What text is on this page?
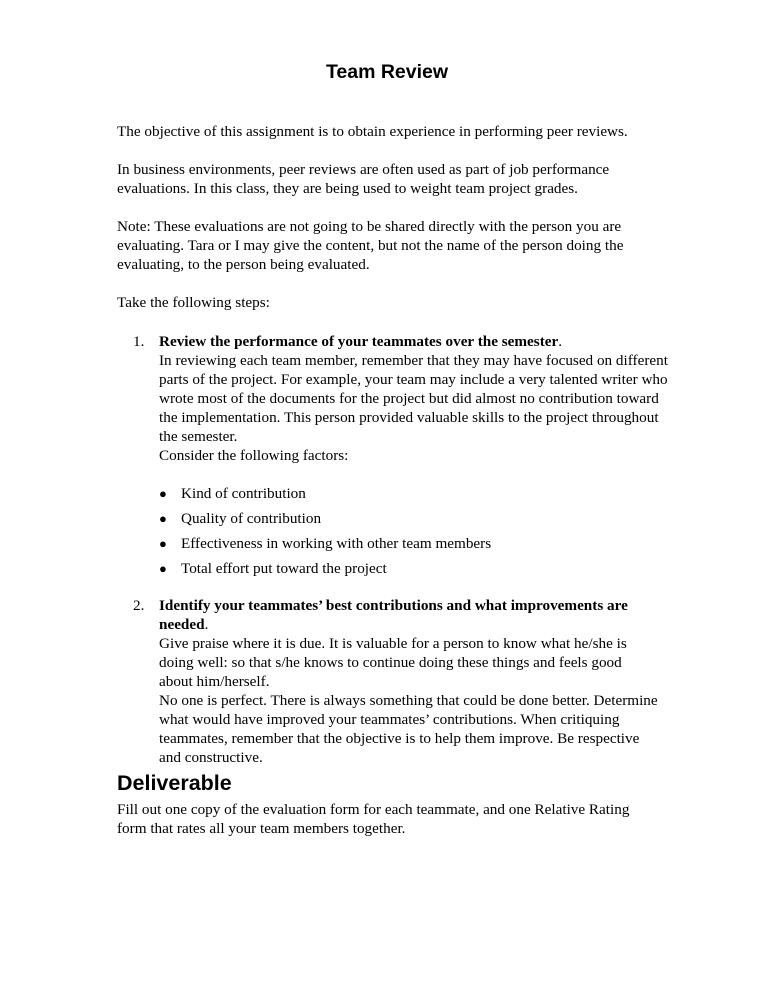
Team Review

The objective of this assignment is to obtain experience in performing peer reviews.

In business environments, peer reviews are often used as part of job performance evaluations. In this class, they are being used to weight team project grades.

Note: These evaluations are not going to be shared directly with the person you are evaluating. Tara or I may give the content, but not the name of the person doing the evaluating, to the person being evaluated.

Take the following steps:

1. Review the performance of your teammates over the semester.

In reviewing each team member, remember that they may have focused on different parts of the project. For example, your team may include a very talented writer who wrote most of the documents for the project but did almost no contribution toward the implementation. This person provided valuable skills to the project throughout the semester.

Consider the following factors:

● Kind of contribution
● Quality of contribution
● Effectiveness in working with other team members
● Total effort put toward the project
2. Identify your teammates’ best contributions and what improvements are needed.

Give praise where it is due. It is valuable for a person to know what he/she is doing well: so that s/he knows to continue doing these things and feels good about him/herself.

No one is perfect. There is always something that could be done better. Determine what would have improved your teammates’ contributions. When critiquing teammates, remember that the objective is to help them improve. Be respective and constructive.

Deliverable

Fill out one copy of the evaluation form for each teammate, and one Relative Rating form that rates all your team members together.
